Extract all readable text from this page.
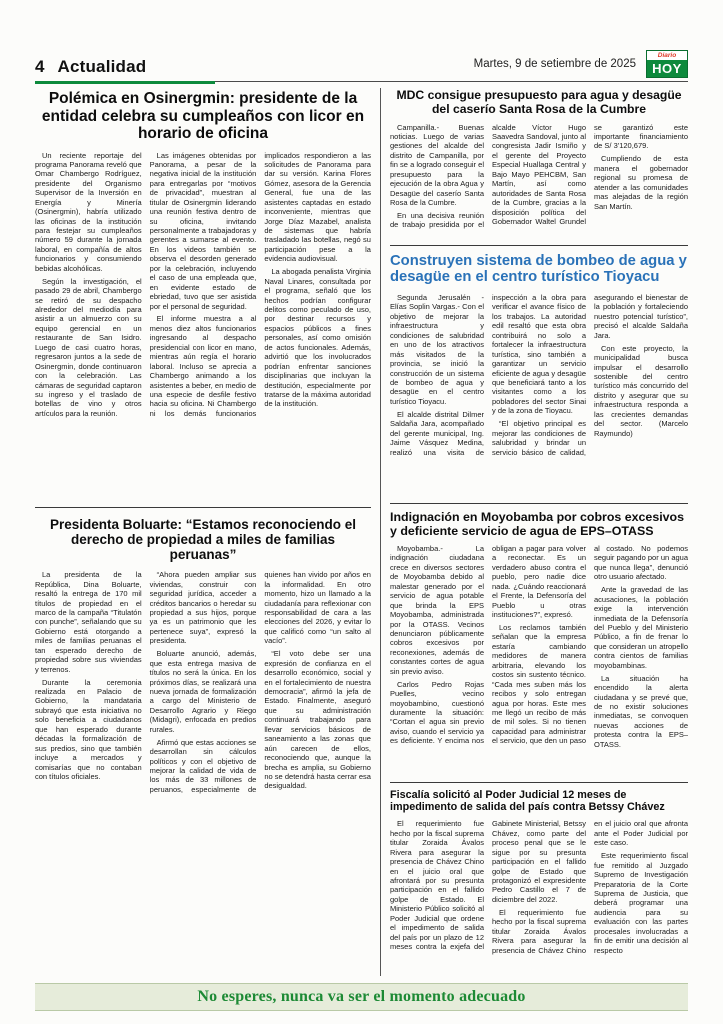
4 Actualidad	Martes, 9 de setiembre de 2025
Diario
HOY
Polémica en Osinergmin: presidente de la entidad celebra su cumpleaños con licor en horario de oficina

Un reciente reportaje del programa Panorama reveló que Omar Chambergo Rodríguez, presidente del Organismo Supervisor de la Inversión en Energía y Minería (Osinergmin), habría utilizado las oficinas de la institución para festejar su cumpleaños número 59 durante la jornada laboral, en compañía de altos funcionarios y consumiendo bebidas alcohólicas.

Según la investigación, el pasado 29 de abril, Chambergo se retiró de su despacho alrededor del mediodía para asistir a un almuerzo con su equipo gerencial en un restaurante de San Isidro. Luego de casi cuatro horas, regresaron juntos a la sede de Osinergmin, donde continuaron con la celebración. Las cámaras de seguridad captaron su ingreso y el traslado de botellas de vino y otros artículos para la reunión.

Las imágenes obtenidas por Panorama, a pesar de la negativa inicial de la institución para entregarlas por “motivos de privacidad”, muestran al titular de Osinergmin liderando una reunión festiva dentro de su oficina, invitando personalmente a trabajadoras y gerentes a sumarse al evento. En los videos también se observa el desorden generado por la celebración, incluyendo el caso de una empleada que, en evidente estado de ebriedad, tuvo que ser asistida por el personal de seguridad.

El informe muestra a al menos diez altos funcionarios ingresando al despacho presidencial con licor en mano, mientras aún regía el horario laboral. Incluso se aprecia a Chambergo animando a los asistentes a beber, en medio de una especie de desfile festivo hacia su oficina. Ni Chambergo ni los demás funcionarios implicados respondieron a las solicitudes de Panorama para dar su versión. Karina Flores Gómez, asesora de la Gerencia General, fue una de las asistentes captadas en estado inconveniente, mientras que Jorge Díaz Mazabel, analista de sistemas que habría trasladado las botellas, negó su participación pese a la evidencia audiovisual.

La abogada penalista Virginia Naval Linares, consultada por el programa, señaló que los hechos podrían configurar delitos como peculado de uso, por destinar recursos y espacios públicos a fines personales, así como omisión de actos funcionales. Además, advirtió que los involucrados podrían enfrentar sanciones disciplinarias que incluyan la destitución, especialmente por tratarse de la máxima autoridad de la institución.

Presidenta Boluarte: “Estamos reconociendo el derecho de propiedad a miles de familias peruanas”

La presidenta de la República, Dina Boluarte, resaltó la entrega de 170 mil títulos de propiedad en el marco de la campaña “Titulatón con punche”, señalando que su Gobierno está otorgando a miles de familias peruanas el tan esperado derecho de propiedad sobre sus viviendas y terrenos.

Durante la ceremonia realizada en Palacio de Gobierno, la mandataria subrayó que esta iniciativa no solo beneficia a ciudadanos que han esperado durante décadas la formalización de sus predios, sino que también incluye a mercados y comisarías que no contaban con títulos oficiales.

“Ahora pueden ampliar sus viviendas, construir con seguridad jurídica, acceder a créditos bancarios o heredar su propiedad a sus hijos, porque ya es un patrimonio que les pertenece suya”, expresó la presidenta.

Boluarte anunció, además, que esta entrega masiva de títulos no será la única. En los próximos días, se realizará una nueva jornada de formalización a cargo del Ministerio de Desarrollo Agrario y Riego (Midagri), enfocada en predios rurales.

Afirmó que estas acciones se desarrollan sin cálculos políticos y con el objetivo de mejorar la calidad de vida de los más de 33 millones de peruanos, especialmente de quienes han vivido por años en la informalidad. En otro momento, hizo un llamado a la ciudadanía para reflexionar con responsabilidad de cara a las elecciones del 2026, y evitar lo que calificó como “un salto al vacío”.

“El voto debe ser una expresión de confianza en el desarrollo económico, social y en el fortalecimiento de nuestra democracia”, afirmó la jefa de Estado. Finalmente, aseguró que su administración continuará trabajando para llevar servicios básicos de saneamiento a las zonas que aún carecen de ellos, reconociendo que, aunque la brecha es amplia, su Gobierno no se detendrá hasta cerrar esa desigualdad.

MDC consigue presupuesto para agua y desagüe del caserío Santa Rosa de la Cumbre

Campanilla.- Buenas noticias. Luego de varias gestiones del alcalde del distrito de Campanilla, por fin se a logrado conseguir el presupuesto para la ejecución de la obra Agua y Desagüe del caserío Santa Rosa de la Cumbre.

En una decisiva reunión de trabajo presidida por el alcalde Víctor Hugo Saavedra Sandoval, junto al congresista Jadir Ismiño y el gerente del Proyecto Especial Huallaga Central y Bajo Mayo PEHCBM, San Martín, así como autoridades de Santa Rosa de la Cumbre, gracias a la disposición política del Gobernador Waltel Grundel se garantizó este importante financiamiento de S/ 3'120,679.

Cumpliendo de esta manera el gobernador regional su promesa de atender a las comunidades mas alejadas de la región San Martín.

Construyen sistema de bombeo de agua y desagüe en el centro turístico Tioyacu

Segunda Jerusalén - Elías Soplin Vargas.- Con el objetivo de mejorar la infraestructura y condiciones de salubridad en uno de los atractivos más visitados de la provincia, se inició la construcción de un sistema de bombeo de agua y desagüe en el centro turístico Tioyacu.

El alcalde distrital Dilmer Saldaña Jara, acompañado del gerente municipal, Ing. Jaime Vásquez Medina, realizó una visita de inspección a la obra para verificar el avance físico de los trabajos. La autoridad edil resaltó que esta obra contribuirá no solo a fortalecer la infraestructura turística, sino también a garantizar un servicio eficiente de agua y desagüe que beneficiará tanto a los visitantes como a los pobladores del sector Sinai y de la zona de Tioyacu.

“El objetivo principal es mejorar las condiciones de salubridad y brindar un servicio básico de calidad, asegurando el bienestar de la población y fortaleciendo nuestro potencial turístico”, precisó el alcalde Saldaña Jara.

Con este proyecto, la municipalidad busca impulsar el desarrollo sostenible del centro turístico más concurrido del distrito y asegurar que su infraestructura responda a las crecientes demandas del sector. (Marcelo Raymundo)

Indignación en Moyobamba por cobros excesivos y deficiente servicio de agua de EPS–OTASS

Moyobamba.- La indignación ciudadana crece en diversos sectores de Moyobamba debido al malestar generado por el servicio de agua potable que brinda la EPS Moyobamba, administrada por la OTASS. Vecinos denunciaron públicamente cobros excesivos por reconexiones, además de constantes cortes de agua sin previo aviso.

Carlos Pedro Rojas Puelles, vecino moyobambino, cuestionó duramente la situación: “Cortan el agua sin previo aviso, cuando el servicio ya es deficiente. Y encima nos obligan a pagar para volver a reconectar. Es un verdadero abuso contra el pueblo, pero nadie dice nada. ¿Cuándo reaccionará el Frente, la Defensoría del Pueblo u otras instituciones?”, expresó.

Los reclamos también señalan que la empresa estaría cambiando medidores de manera arbitraria, elevando los costos sin sustento técnico. “Cada mes suben más los recibos y solo entregan agua por horas. Este mes me llegó un recibo de más de mil soles. Si no tienen capacidad para administrar el servicio, que den un paso al costado. No podemos seguir pagando por un agua que nunca llega”, denunció otro usuario afectado.

Ante la gravedad de las acusaciones, la población exige la intervención inmediata de la Defensoría del Pueblo y del Ministerio Público, a fin de frenar lo que consideran un atropello contra cientos de familias moyobambinas.

La situación ha encendido la alerta ciudadana y se prevé que, de no existir soluciones inmediatas, se convoquen nuevas acciones de protesta contra la EPS–OTASS.

Fiscalía solicitó al Poder Judicial 12 meses de impedimento de salida del país contra Betssy Chávez

El requerimiento fue hecho por la fiscal suprema titular Zoraida Ávalos Rivera para asegurar la presencia de Chávez Chino en el juicio oral que afrontará por su presunta participación en el fallido golpe de Estado. El Ministerio Público solicitó al Poder Judicial que ordene el impedimento de salida del país por un plazo de 12 meses contra la exjefa del Gabinete Ministerial, Betssy Chávez, como parte del proceso penal que se le sigue por su presunta participación en el fallido golpe de Estado que protagonizó el expresidente Pedro Castillo el 7 de diciembre del 2022.

El requerimiento fue hecho por la fiscal suprema titular Zoraida Ávalos Rivera para asegurar la presencia de Chávez Chino en el juicio oral que afronta ante el Poder Judicial por este caso.

Este requerimiento fiscal fue remitido al Juzgado Supremo de Investigación Preparatoria de la Corte Suprema de Justicia, que deberá programar una audiencia para su evaluación con las partes procesales involucradas a fin de emitir una decisión al respecto

No esperes, nunca va ser el momento adecuado
